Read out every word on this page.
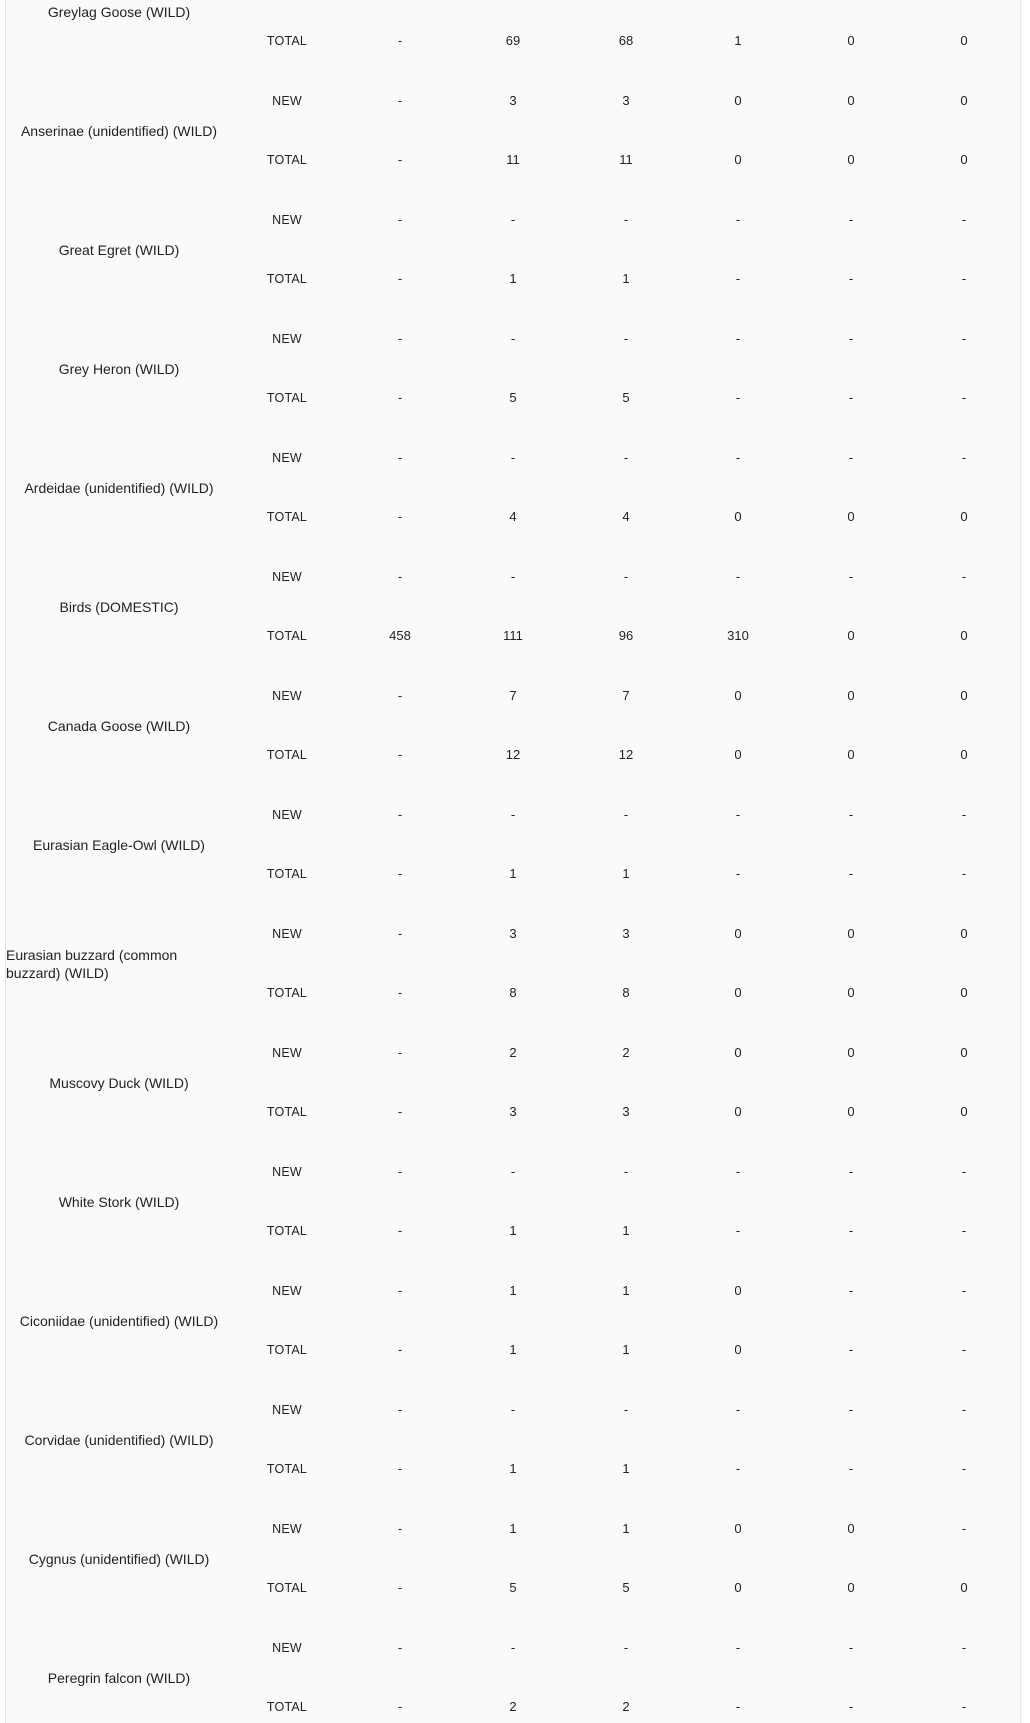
Greylag Goose (WILD)
TOTAL	-	69	68	1	0	0
Anserinae (unidentified) (WILD)
NEW	-	3	3	0	0	0
TOTAL	-	11	11	0	0	0
Great Egret (WILD)
NEW	-	-	-	-	-	-
TOTAL	-	1	1	-	-	-
Grey Heron (WILD)
NEW	-	-	-	-	-	-
TOTAL	-	5	5	-	-	-
Ardeidae (unidentified) (WILD)
NEW	-	-	-	-	-	-
TOTAL	-	4	4	0	0	0
Birds (DOMESTIC)
NEW	-	-	-	-	-	-
TOTAL	458	111	96	310	0	0
Canada Goose (WILD)
NEW	-	7	7	0	0	0
TOTAL	-	12	12	0	0	0
Eurasian Eagle-Owl (WILD)
NEW	-	-	-	-	-	-
TOTAL	-	1	1	-	-	-
Eurasian buzzard (common buzzard) (WILD)
NEW	-	3	3	0	0	0
TOTAL	-	8	8	0	0	0
Muscovy Duck (WILD)
NEW	-	2	2	0	0	0
TOTAL	-	3	3	0	0	0
White Stork (WILD)
NEW	-	-	-	-	-	-
TOTAL	-	1	1	-	-	-
Ciconiidae (unidentified) (WILD)
NEW	-	1	1	0	-	-
TOTAL	-	1	1	0	-	-
Corvidae (unidentified) (WILD)
NEW	-	-	-	-	-	-
TOTAL	-	1	1	-	-	-
Cygnus (unidentified) (WILD)
NEW	-	1	1	0	0	-
TOTAL	-	5	5	0	0	0
Peregrin falcon (WILD)
NEW	-	-	-	-	-	-
TOTAL	-	2	2	-	-	-
